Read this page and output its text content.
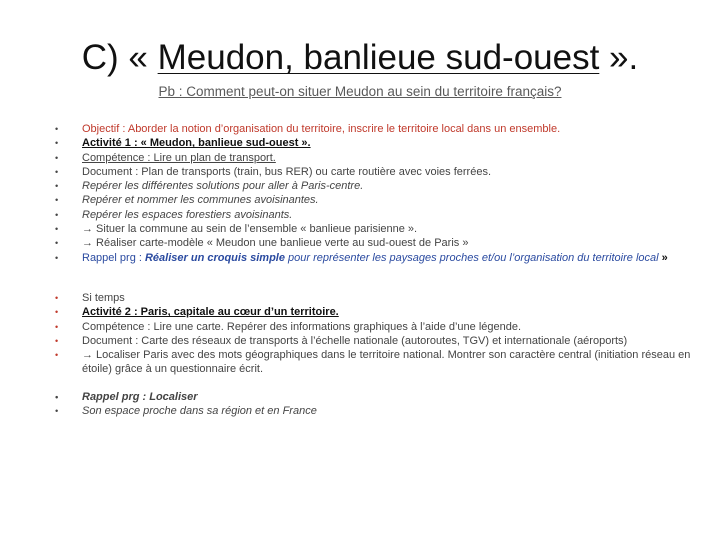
C) « Meudon, banlieue sud-ouest ».
Pb : Comment peut-on situer Meudon au sein du territoire français?
• Objectif : Aborder la notion d’organisation du territoire, inscrire le territoire local dans un ensemble.
• Activité 1 : « Meudon, banlieue sud-ouest ».
• Compétence : Lire un plan de transport.
• Document : Plan de transports (train, bus RER) ou carte routière avec voies ferrées.
• Repérer les différentes solutions pour aller à Paris-centre.
• Repérer et nommer les communes avoisinantes.
• Repérer les espaces forestiers avoisinants.
• → Situer la commune au sein de l’ensemble « banlieue parisienne ».
• → Réaliser carte-modèle « Meudon une banlieue verte au sud-ouest de Paris »
• Rappel prg : Réaliser un croquis simple pour représenter les paysages proches et/ou l’organisation du territoire local »
• Si temps
• Activité 2 : Paris, capitale au cœur d’un territoire.
• Compétence : Lire une carte. Repérer des informations graphiques à l’aide d’une légende.
• Document : Carte des réseaux de transports à l’échelle nationale (autoroutes, TGV) et internationale (aéroports)
• → Localiser Paris avec des mots géographiques dans le territoire national. Montrer son caractère central (initiation réseau en étoile) grâce à un questionnaire écrit.
• Rappel prg : Localiser
• Son espace proche dans sa région et en France
